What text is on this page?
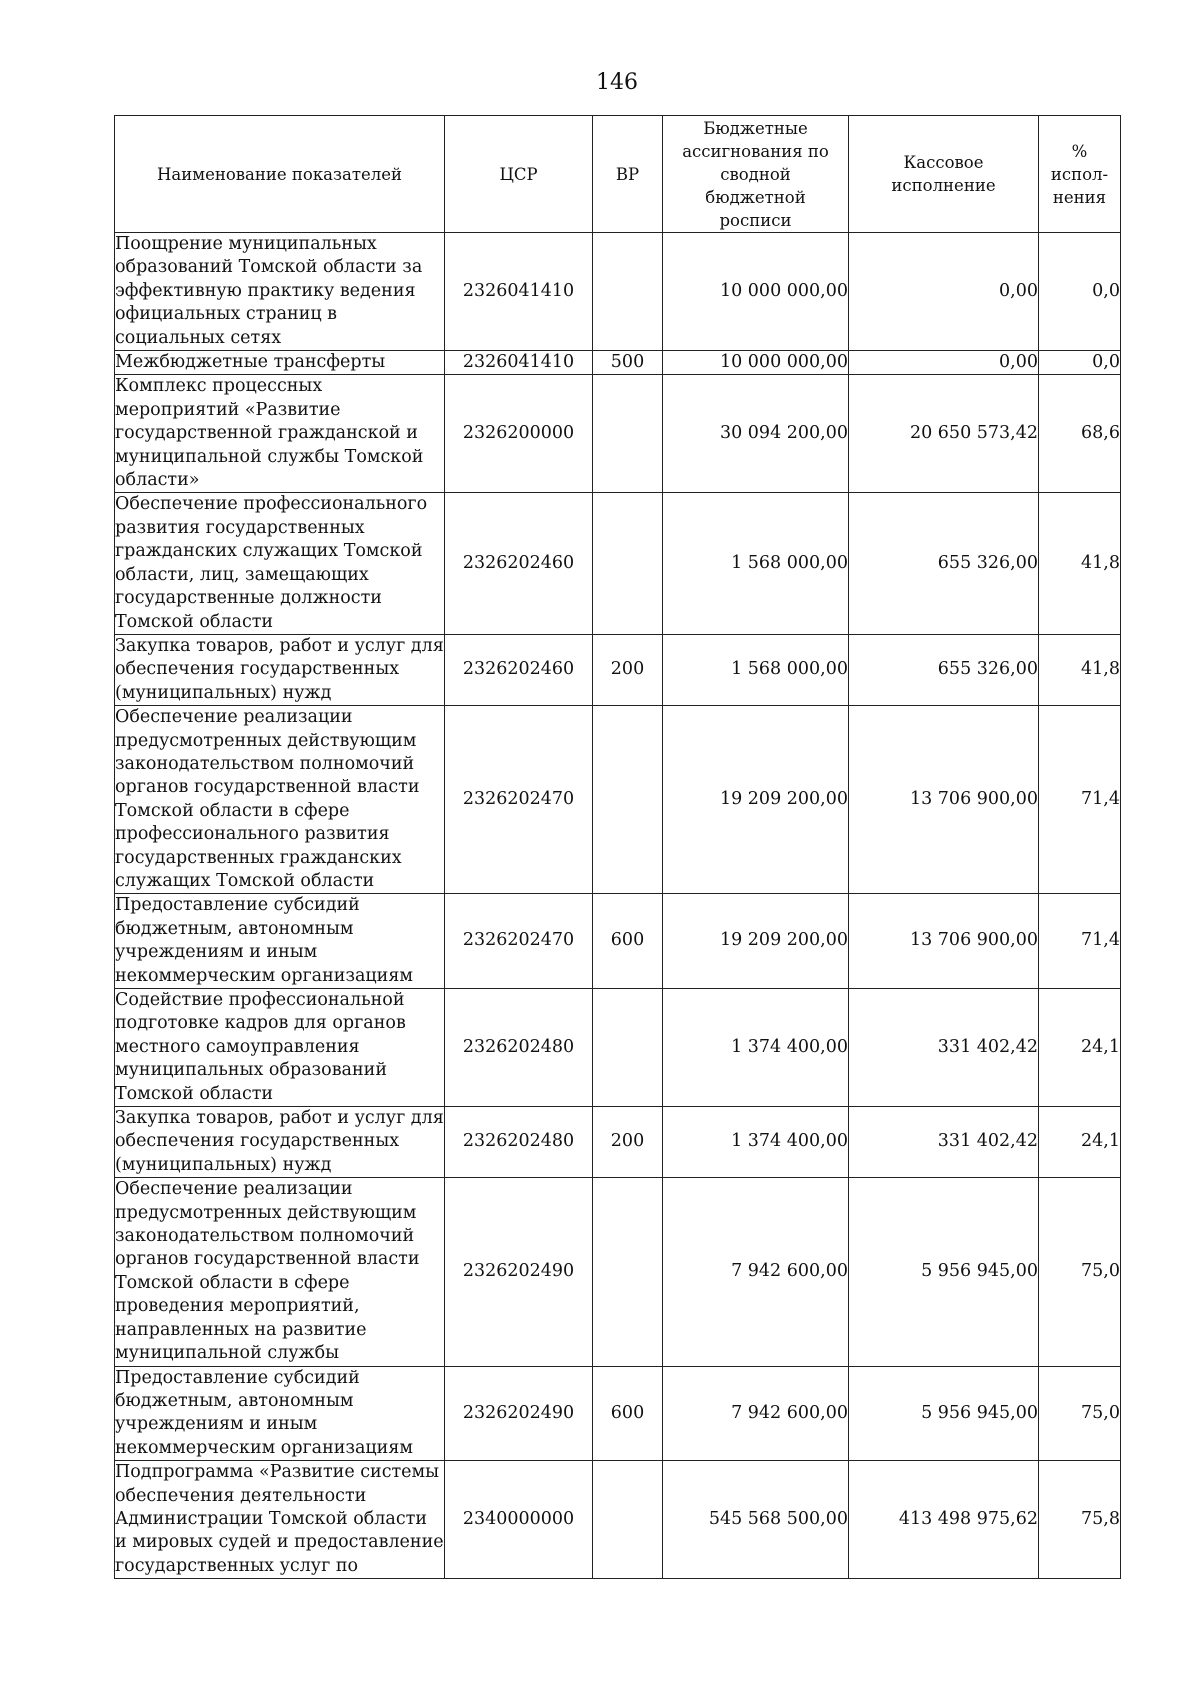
146
Наименование показателей	ЦСР	ВР	Бюджетные ассигнования по сводной бюджетной росписи	Кассовое исполнение	% испол-нения
Поощрение муниципальных образований Томской области за эффективную практику ведения официальных страниц в социальных сетях	2326041410		10 000 000,00	0,00	0,0
Межбюджетные трансферты	2326041410	500	10 000 000,00	0,00	0,0
Комплекс процессных мероприятий «Развитие государственной гражданской и муниципальной службы Томской области»	2326200000		30 094 200,00	20 650 573,42	68,6
Обеспечение профессионального развития государственных гражданских служащих Томской области, лиц, замещающих государственные должности Томской области	2326202460		1 568 000,00	655 326,00	41,8
Закупка товаров, работ и услуг для обеспечения государственных (муниципальных) нужд	2326202460	200	1 568 000,00	655 326,00	41,8
Обеспечение реализации предусмотренных действующим законодательством полномочий органов государственной власти Томской области в сфере профессионального развития государственных гражданских служащих Томской области	2326202470		19 209 200,00	13 706 900,00	71,4
Предоставление субсидий бюджетным, автономным учреждениям и иным некоммерческим организациям	2326202470	600	19 209 200,00	13 706 900,00	71,4
Содействие профессиональной подготовке кадров для органов местного самоуправления муниципальных образований Томской области	2326202480		1 374 400,00	331 402,42	24,1
Закупка товаров, работ и услуг для обеспечения государственных (муниципальных) нужд	2326202480	200	1 374 400,00	331 402,42	24,1
Обеспечение реализации предусмотренных действующим законодательством полномочий органов государственной власти Томской области в сфере проведения мероприятий, направленных на развитие муниципальной службы	2326202490		7 942 600,00	5 956 945,00	75,0
Предоставление субсидий бюджетным, автономным учреждениям и иным некоммерческим организациям	2326202490	600	7 942 600,00	5 956 945,00	75,0
Подпрограмма «Развитие системы обеспечения деятельности Администрации Томской области и мировых судей и предоставление государственных услуг по	2340000000		545 568 500,00	413 498 975,62	75,8
